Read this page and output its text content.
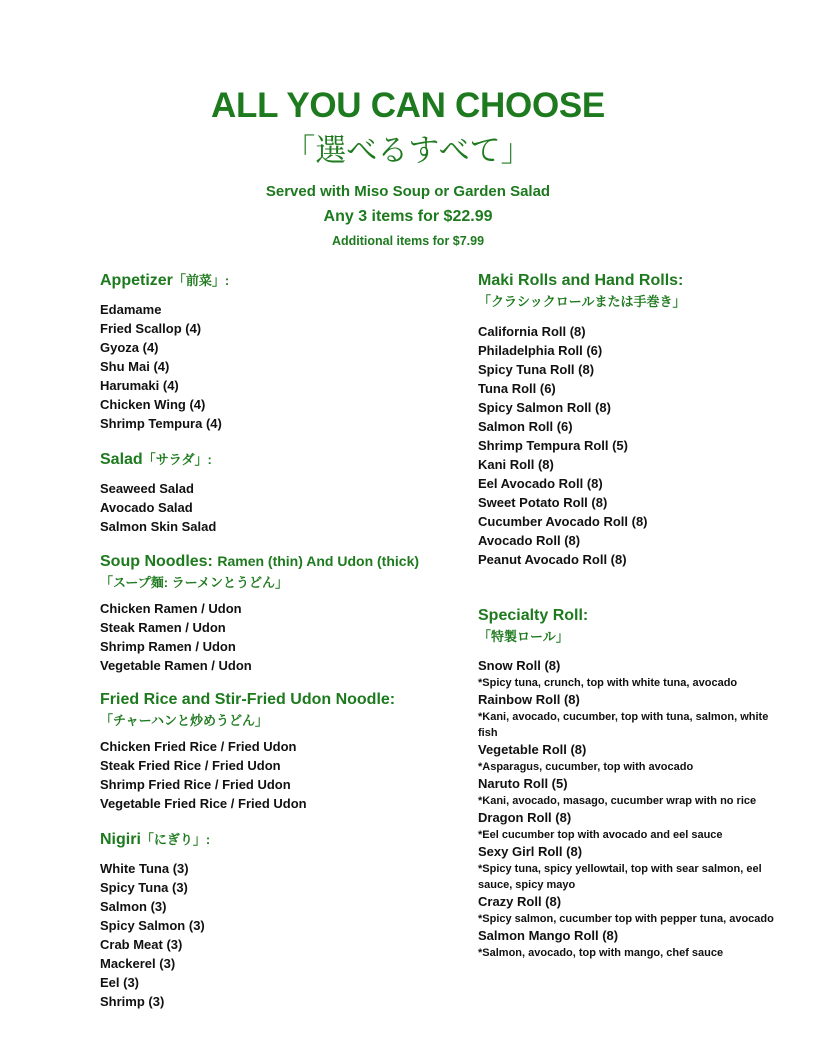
ALL YOU CAN CHOOSE
「選べるすべて」
Served with Miso Soup or Garden Salad
Any 3 items for $22.99
Additional items for $7.99
Appetizer「前菜」:
Edamame
Fried Scallop (4)
Gyoza (4)
Shu Mai (4)
Harumaki (4)
Chicken Wing (4)
Shrimp Tempura (4)
Salad「サラダ」:
Seaweed Salad
Avocado Salad
Salmon Skin Salad
Soup Noodles: Ramen (thin) And Udon (thick)
「スープ麺: ラーメンとうどん」
Chicken Ramen / Udon
Steak Ramen / Udon
Shrimp Ramen / Udon
Vegetable Ramen / Udon
Fried Rice and Stir-Fried Udon Noodle:
「チャーハンと炒めうどん」
Chicken Fried Rice / Fried Udon
Steak Fried Rice / Fried Udon
Shrimp Fried Rice / Fried Udon
Vegetable Fried Rice / Fried Udon
Nigiri「にぎり」:
White Tuna (3)
Spicy Tuna (3)
Salmon (3)
Spicy Salmon (3)
Crab Meat (3)
Mackerel (3)
Eel (3)
Shrimp (3)
Maki Rolls and Hand Rolls:
「クラシックロールまたは手巻き」
California Roll (8)
Philadelphia Roll (6)
Spicy Tuna Roll (8)
Tuna Roll (6)
Spicy Salmon Roll (8)
Salmon Roll (6)
Shrimp Tempura Roll (5)
Kani Roll (8)
Eel Avocado Roll (8)
Sweet Potato Roll (8)
Cucumber Avocado Roll (8)
Avocado Roll (8)
Peanut Avocado Roll (8)
Specialty Roll:
「特製ロール」
Snow Roll (8)
*Spicy tuna, crunch, top with white tuna, avocado
Rainbow Roll (8)
*Kani, avocado, cucumber, top with tuna, salmon, white fish
Vegetable Roll (8)
*Asparagus, cucumber, top with avocado
Naruto Roll (5)
*Kani, avocado, masago, cucumber wrap with no rice
Dragon Roll (8)
*Eel cucumber top with avocado and eel sauce
Sexy Girl Roll (8)
*Spicy tuna, spicy yellowtail, top with sear salmon, eel sauce, spicy mayo
Crazy Roll (8)
*Spicy salmon, cucumber top with pepper tuna, avocado
Salmon Mango Roll (8)
*Salmon, avocado, top with mango, chef sauce
